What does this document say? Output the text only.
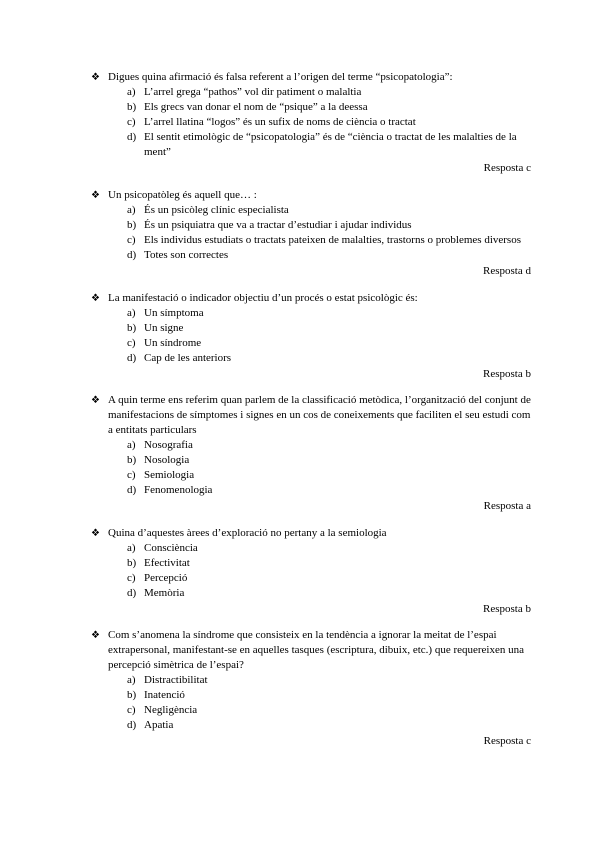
❖ Digues quina afirmació és falsa referent a l’origen del terme “psicopatologia”:
a) L’arrel grega “pathos” vol dir patiment o malaltia
b) Els grecs van donar el nom de “psique” a la deessa
c) L’arrel llatina “logos” és un sufix de noms de ciència o tractat
d) El sentit etimològic de “psicopatologia” és de “ciència o tractat de les malalties de la ment”
Resposta c
❖ Un psicopatòleg és aquell que… :
a) És un psicòleg clínic especialista
b) És un psiquiatra que va a tractar d’estudiar i ajudar individus
c) Els individus estudiats o tractats pateixen de malalties, trastorns o problemes diversos
d) Totes son correctes
Resposta d
❖ La manifestació o indicador objectiu d’un procés o estat psicològic és:
a) Un símptoma
b) Un signe
c) Un síndrome
d) Cap de les anteriors
Resposta b
❖ A quin terme ens referim quan parlem de la classificació metòdica, l’organització del conjunt de manifestacions de símptomes i signes en un cos de coneixements que faciliten el seu estudi com a entitats particulars
a) Nosografia
b) Nosologia
c) Semiologia
d) Fenomenologia
Resposta a
❖ Quina d’aquestes àrees d’exploració no pertany a la semiologia
a) Consciència
b) Efectivitat
c) Percepció
d) Memòria
Resposta b
❖ Com s’anomena la síndrome que consisteix en la tendència a ignorar la meitat de l’espai extrapersonal, manifestant-se en aquelles tasques (escriptura, dibuix, etc.) que requereixen una percepció simètrica de l’espai?
a) Distractibilitat
b) Inatenció
c) Negligència
d) Apatia
Resposta c
